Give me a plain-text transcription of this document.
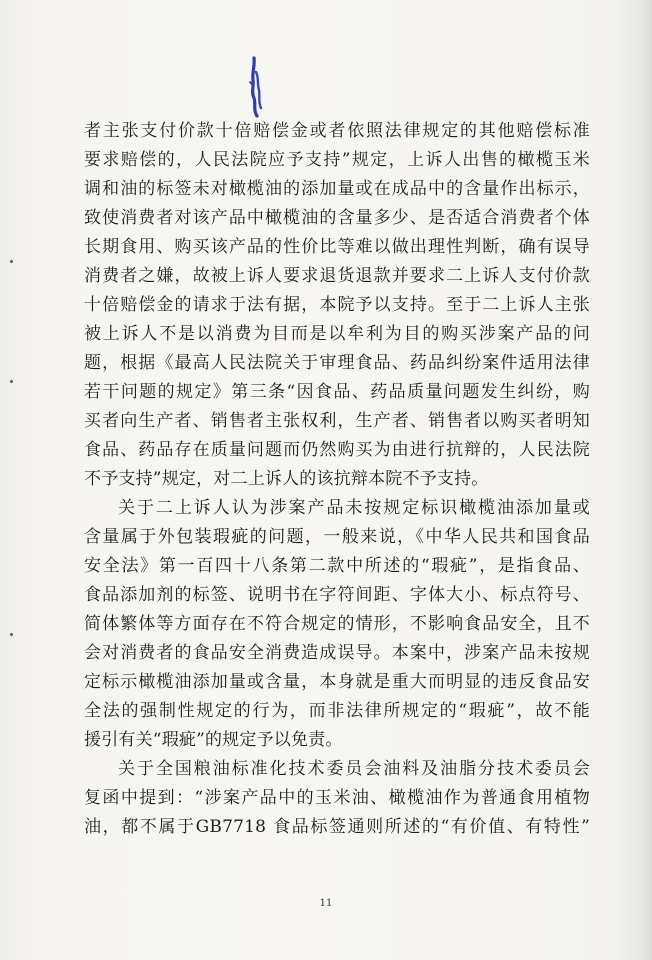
者主张支付价款十倍赔偿金或者依照法律规定的其他赔偿标准
要求赔偿的，人民法院应予支持”规定，上诉人出售的橄榄玉米
调和油的标签未对橄榄油的添加量或在成品中的含量作出标示，
致使消费者对该产品中橄榄油的含量多少、是否适合消费者个体
长期食用、购买该产品的性价比等难以做出理性判断，确有误导
消费者之嫌，故被上诉人要求退货退款并要求二上诉人支付价款
十倍赔偿金的请求于法有据，本院予以支持。至于二上诉人主张
被上诉人不是以消费为目而是以牟利为目的购买涉案产品的问
题，根据《最高人民法院关于审理食品、药品纠纷案件适用法律
若干问题的规定》第三条“因食品、药品质量问题发生纠纷，购
买者向生产者、销售者主张权利，生产者、销售者以购买者明知
食品、药品存在质量问题而仍然购买为由进行抗辩的，人民法院
不予支持”规定，对二上诉人的该抗辩本院不予支持。
关于二上诉人认为涉案产品未按规定标识橄榄油添加量或
含量属于外包装瑕疵的问题，一般来说，《中华人民共和国食品
安全法》第一百四十八条第二款中所述的“瑕疵”，是指食品、
食品添加剂的标签、说明书在字符间距、字体大小、标点符号、
简体繁体等方面存在不符合规定的情形，不影响食品安全，且不
会对消费者的食品安全消费造成误导。本案中，涉案产品未按规
定标示橄榄油添加量或含量，本身就是重大而明显的违反食品安
全法的强制性规定的行为，而非法律所规定的“瑕疵”，故不能
援引有关“瑕疵”的规定予以免责。
关于全国粮油标准化技术委员会油料及油脂分技术委员会
复函中提到：“涉案产品中的玉米油、橄榄油作为普通食用植物
油，都不属于GB7718 食品标签通则所述的“有价值、有特性”
11
